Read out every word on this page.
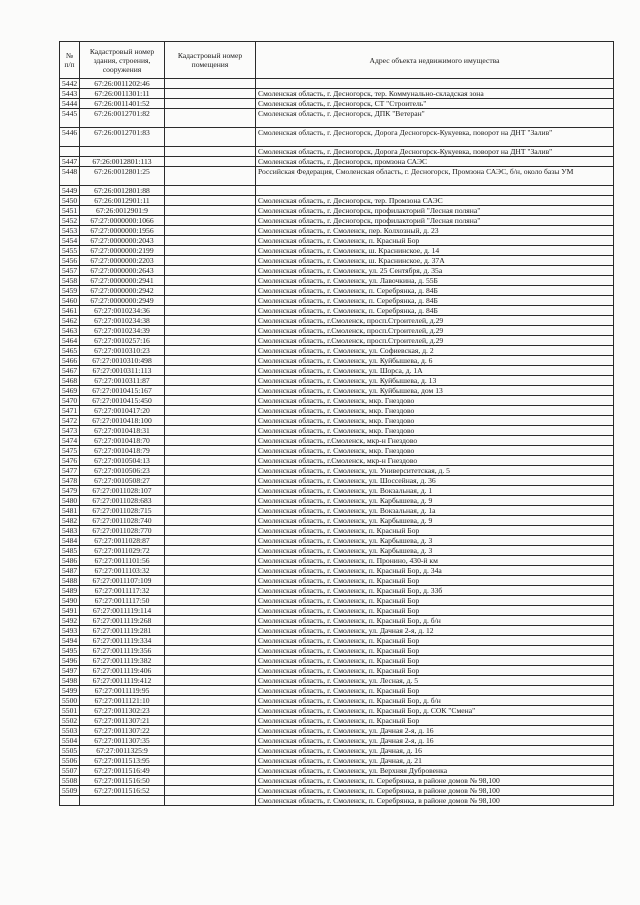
№ п/п	Кадастровый номер здания, строения, сооружения	Кадастровый номер помещения	Адрес объекта недвижимого имущества
5442	67:26:0011202:46		
5443	67:26:0011301:11		Смоленская область, г. Десногорск, тер. Коммунально-складская зона
5444	67:26:0011401:52		Смоленская область, г. Десногорск, СТ "Строитель"
5445	67:26:0012701:82		Смоленская область, г. Десногорск, ДПК "Ветеран"
5446	67:26:0012701:83		Смоленская область, г. Десногорск, Дорога Десногорск-Кукуевка, поворот на ДНТ "Залив"
			Смоленская область, г. Десногорск, Дорога Десногорск-Кукуевка, поворот на ДНТ "Залив"
5447	67:26:0012801:113		Смоленская область, г. Десногорск, промзона САЭС
5448	67:26:0012801:25		Российская Федерация, Смоленская область, г. Десногорск, Промзона САЭС, б/н, около базы УМ
5449	67:26:0012801:88		
5450	67:26:0012901:11		Смоленская область, г. Десногорск, тер. Промзона САЭС
5451	67:26:0012901:9		Смоленская область, г. Десногорск, профилакторий "Лесная поляна"
5452	67:27:0000000:1066		Смоленская область, г. Десногорск, профилакторий "Лесная поляна"
5453	67:27:0000000:1956		Смоленская область, г. Смоленск, пер. Колхозный, д. 23
5454	67:27:0000000:2043		Смоленская область, г. Смоленск, п. Красный Бор
5455	67:27:0000000:2199		Смоленская область, г. Смоленск, ш. Краснинское, д. 14
5456	67:27:0000000:2203		Смоленская область, г. Смоленск, ш. Краснинское, д. 37А
5457	67:27:0000000:2643		Смоленская область, г. Смоленск, ул. 25 Сентября, д. 35а
5458	67:27:0000000:2941		Смоленская область, г. Смоленск, ул. Лавочкина, д. 55Б
5459	67:27:0000000:2942		Смоленская область, г. Смоленск, п. Серебрянка, д. 84Б
5460	67:27:0000000:2949		Смоленская область, г. Смоленск, п. Серебрянка, д. 84Б
5461	67:27:0010234:36		Смоленская область, г. Смоленск, п. Серебрянка, д. 84Б
5462	67:27:0010234:38		Смоленская область, г.Смоленск, просп.Строителей, д.29
5463	67:27:0010234:39		Смоленская область, г.Смоленск, просп.Строителей, д.29
5464	67:27:0010257:16		Смоленская область, г.Смоленск, просп.Строителей, д.29
5465	67:27:0010310:23		Смоленская область, г. Смоленск, ул. Софиевская, д. 2
5466	67:27:0010310:498		Смоленская область, г. Смоленск, ул. Куйбышева, д. 6
5467	67:27:0010311:113		Смоленская область, г. Смоленск, ул. Шорса, д. 1А
5468	67:27:0010311:87		Смоленская область, г. Смоленск, ул. Куйбышева, д. 13
5469	67:27:0010415:167		Смоленская область, г. Смоленск, ул. Куйбышева, дом 13
5470	67:27:0010415:450		Смоленская область, г. Смоленск, мкр. Гнездово
5471	67:27:0010417:20		Смоленская область, г. Смоленск, мкр. Гнездово
5472	67:27:0010418:100		Смоленская область, г. Смоленск, мкр. Гнездово
5473	67:27:0010418:31		Смоленская область, г. Смоленск, мкр. Гнездово
5474	67:27:0010418:70		Смоленская область, г.Смоленск, мкр-н Гнездово
5475	67:27:0010418:79		Смоленская область, г. Смоленск, мкр. Гнездово
5476	67:27:0010504:13		Смоленская область, г.Смоленск, мкр-н Гнездово
5477	67:27:0010506:23		Смоленская область, г. Смоленск, ул. Университетская, д. 5
5478	67:27:0010508:27		Смоленская область, г. Смоленск, ул. Шоссейная, д. 36
5479	67:27:0011028:107		Смоленская область, г. Смоленск, ул. Вокзальная, д. 1
5480	67:27:0011028:683		Смоленская область, г. Смоленск, ул. Карбышева, д. 9
5481	67:27:0011028:715		Смоленская область, г. Смоленск, ул. Вокзальная, д. 1а
5482	67:27:0011028:740		Смоленская область, г. Смоленск, ул. Карбышева, д. 9
5483	67:27:0011028:770		Смоленская область, г. Смоленск, п. Красный Бор
5484	67:27:0011028:87		Смоленская область, г. Смоленск, ул. Карбышева, д. 3
5485	67:27:0011029:72		Смоленская область, г. Смоленск, ул. Карбышева, д. 3
5486	67:27:0011101:56		Смоленская область, г. Смоленск, п. Пронино, 430-й км
5487	67:27:0011103:32		Смоленская область, г. Смоленск, п. Красный Бор, д. 34а
5488	67:27:0011107:109		Смоленская область, г. Смоленск, п. Красный Бор
5489	67:27:0011117:32		Смоленская область, г. Смоленск, п. Красный Бор, д. 33б
5490	67:27:0011117:50		Смоленская область, г. Смоленск, п. Красный Бор
5491	67:27:0011119:114		Смоленская область, г. Смоленск, п. Красный Бор
5492	67:27:0011119:268		Смоленская область, г. Смоленск, п. Красный Бор, д. б/н
5493	67:27:0011119:281		Смоленская область, г. Смоленск, ул. Дачная 2-я, д. 12
5494	67:27:0011119:334		Смоленская область, г. Смоленск, п. Красный Бор
5495	67:27:0011119:356		Смоленская область, г. Смоленск, п. Красный Бор
5496	67:27:0011119:382		Смоленская область, г. Смоленск, п. Красный Бор
5497	67:27:0011119:406		Смоленская область, г. Смоленск, п. Красный Бор
5498	67:27:0011119:412		Смоленская область, г. Смоленск, ул. Лесная, д. 5
5499	67:27:0011119:95		Смоленская область, г. Смоленск, п. Красный Бор
5500	67:27:0011121:10		Смоленская область, г. Смоленск, п. Красный Бор, д. б/н
5501	67:27:0011302:23		Смоленская область, г. Смоленск, п. Красный Бор, д. СОК "Смена"
5502	67:27:0011307:21		Смоленская область, г. Смоленск, п. Красный Бор
5503	67:27:0011307:22		Смоленская область, г. Смоленск, ул. Дачная 2-я, д. 16
5504	67:27:0011307:35		Смоленская область, г. Смоленск, ул. Дачная 2-я, д. 16
5505	67:27:0011325:9		Смоленская область, г. Смоленск, ул. Дачная, д. 16
5506	67:27:0011513:95		Смоленская область, г. Смоленск, ул. Дачная, д. 21
5507	67:27:0011516:49		Смоленская область, г. Смоленск, ул. Верхняя Дубровенка
5508	67:27:0011516:50		Смоленская область, г. Смоленск, п. Серебрянка, в районе домов № 98,100
5509	67:27:0011516:52		Смоленская область, г. Смоленск, п. Серебрянка, в районе домов № 98,100
			Смоленская область, г. Смоленск, п. Серебрянка, в районе домов № 98,100
